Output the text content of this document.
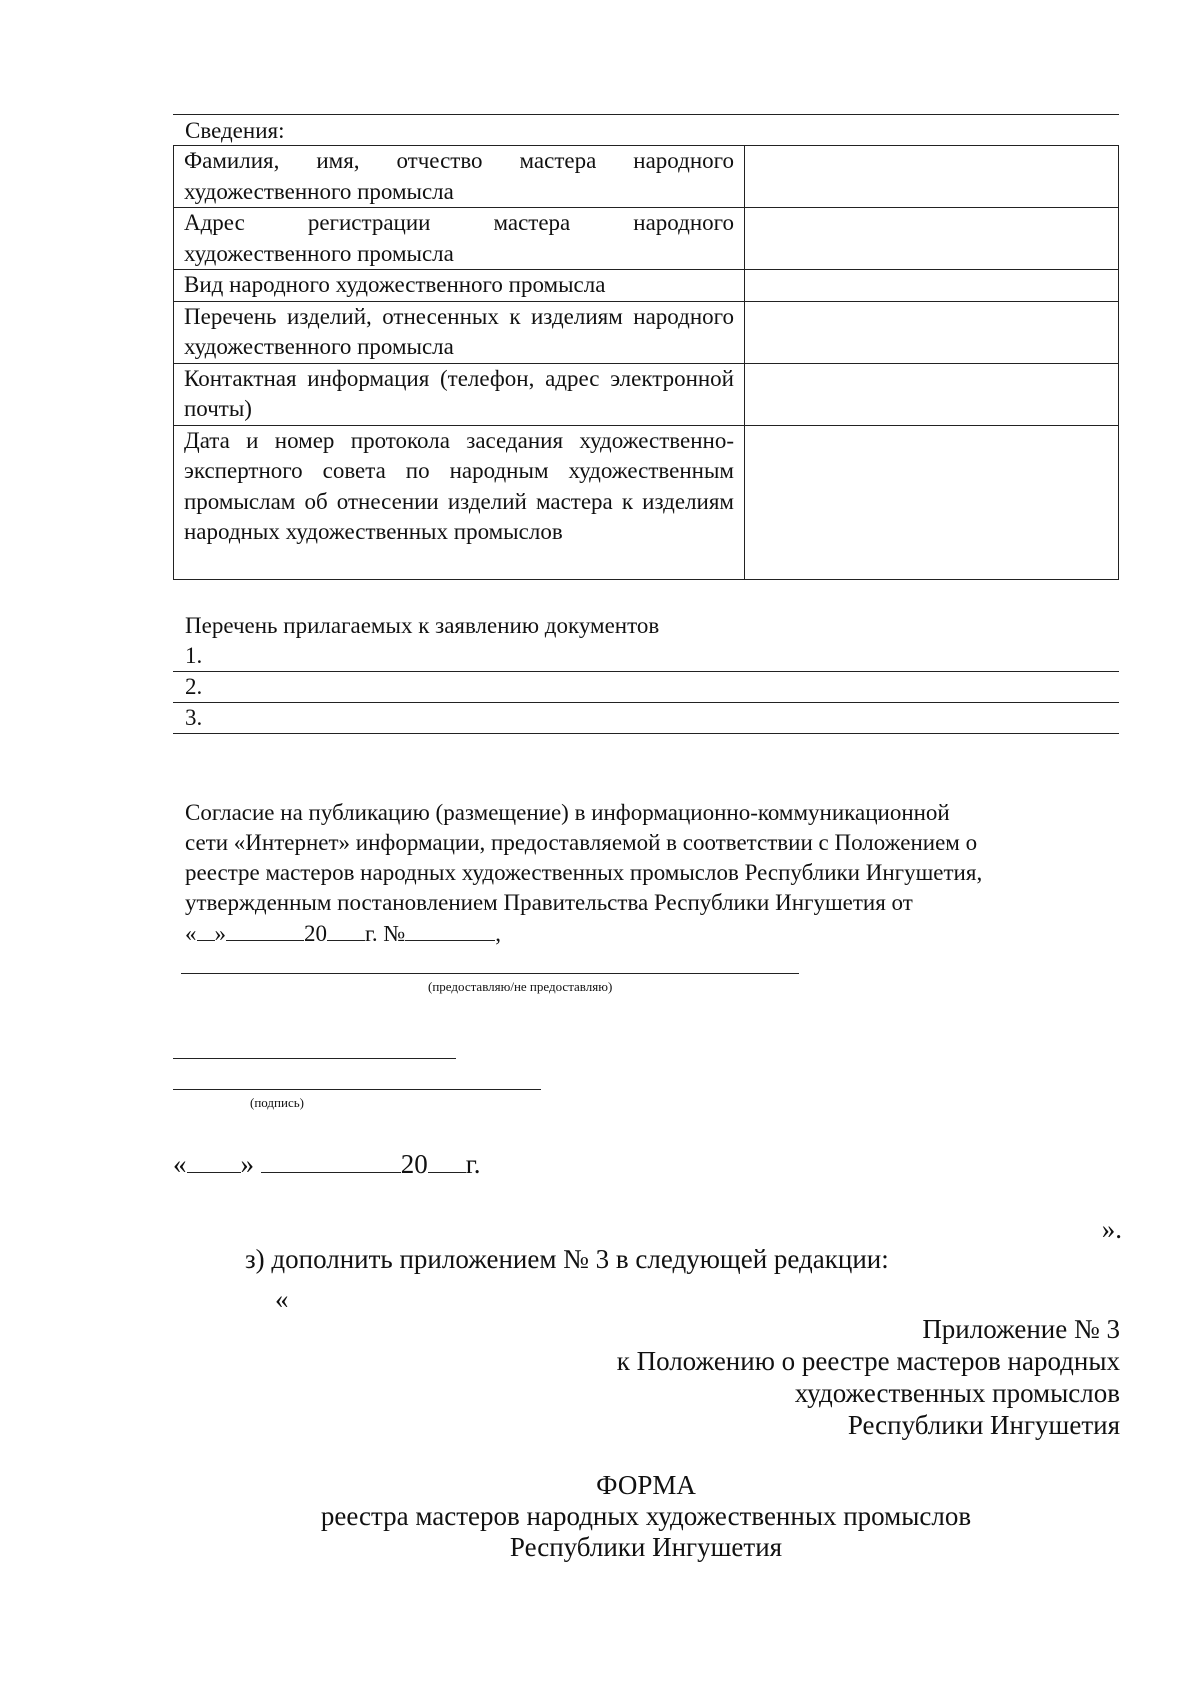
Сведения:
Фамилия, имя, отчество мастера народного художественного промысла	
Адрес регистрации мастера народного художественного промысла	
Вид народного художественного промысла	
Перечень изделий, отнесенных к изделиям народного художественного промысла	
Контактная информация (телефон, адрес электронной почты)	
Дата и номер протокола заседания художественно-экспертного совета по народным художественным промыслам об отнесении изделий мастера к изделиям народных художественных промыслов	
Перечень прилагаемых к заявлению документов
1.
2.
3.
Согласие на публикацию (размещение) в информационно-коммуникационной
сети «Интернет» информации, предоставляемой в соответствии с Положением о
реестре мастеров народных художественных промыслов Республики Ингушетия,
утвержденным постановлением Правительства Республики Ингушетия от
« »	20 г. №	,
(предоставляю/не предоставляю)
(подпись)
« »	20 г.
».
з) дополнить приложением № 3 в следующей редакции:
«
Приложение № 3
к Положению о реестре мастеров народных
художественных промыслов
Республики Ингушетия
ФОРМА
реестра мастеров народных художественных промыслов
Республики Ингушетия
